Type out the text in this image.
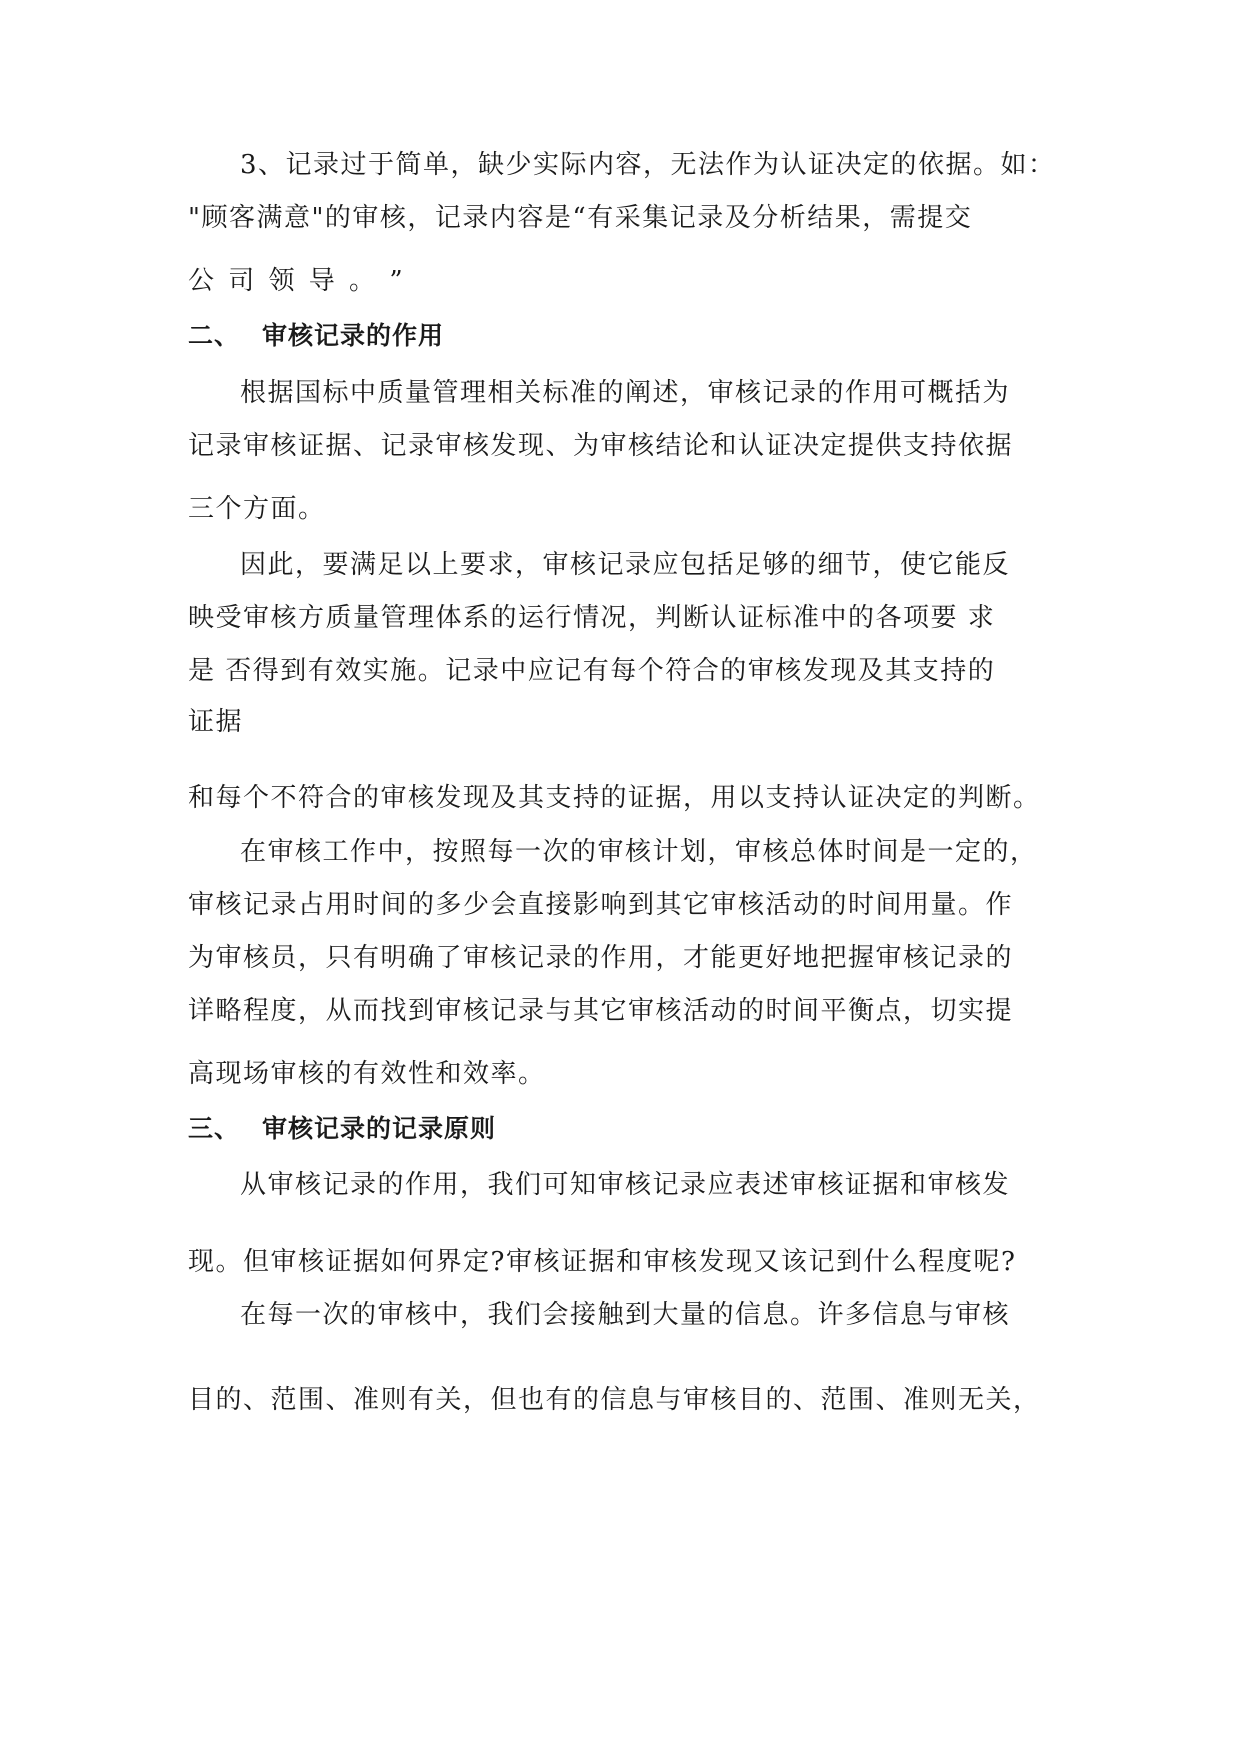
3、记录过于简单，缺少实际内容，无法作为认证决定的依据。如：
"顾客满意"的审核，记录内容是“有采集记录及分析结果，需提交
公 司 领 导 。 ”
二、 审核记录的作用
根据国标中质量管理相关标准的阐述，审核记录的作用可概括为
记录审核证据、记录审核发现、为审核结论和认证决定提供支持依据
三个方面。
因此，要满足以上要求，审核记录应包括足够的细节，使它能反
映受审核方质量管理体系的运行情况，判断认证标准中的各项要 求
是 否得到有效实施。记录中应记有每个符合的审核发现及其支持的
证据
和每个不符合的审核发现及其支持的证据，用以支持认证决定的判断。
在审核工作中，按照每一次的审核计划，审核总体时间是一定的，
审核记录占用时间的多少会直接影响到其它审核活动的时间用量。作
为审核员，只有明确了审核记录的作用，才能更好地把握审核记录的
详略程度，从而找到审核记录与其它审核活动的时间平衡点，切实提
高现场审核的有效性和效率。
三、 审核记录的记录原则
从审核记录的作用，我们可知审核记录应表述审核证据和审核发
现。但审核证据如何界定?审核证据和审核发现又该记到什么程度呢?
在每一次的审核中，我们会接触到大量的信息。许多信息与审核
目的、范围、准则有关，但也有的信息与审核目的、范围、准则无关，
